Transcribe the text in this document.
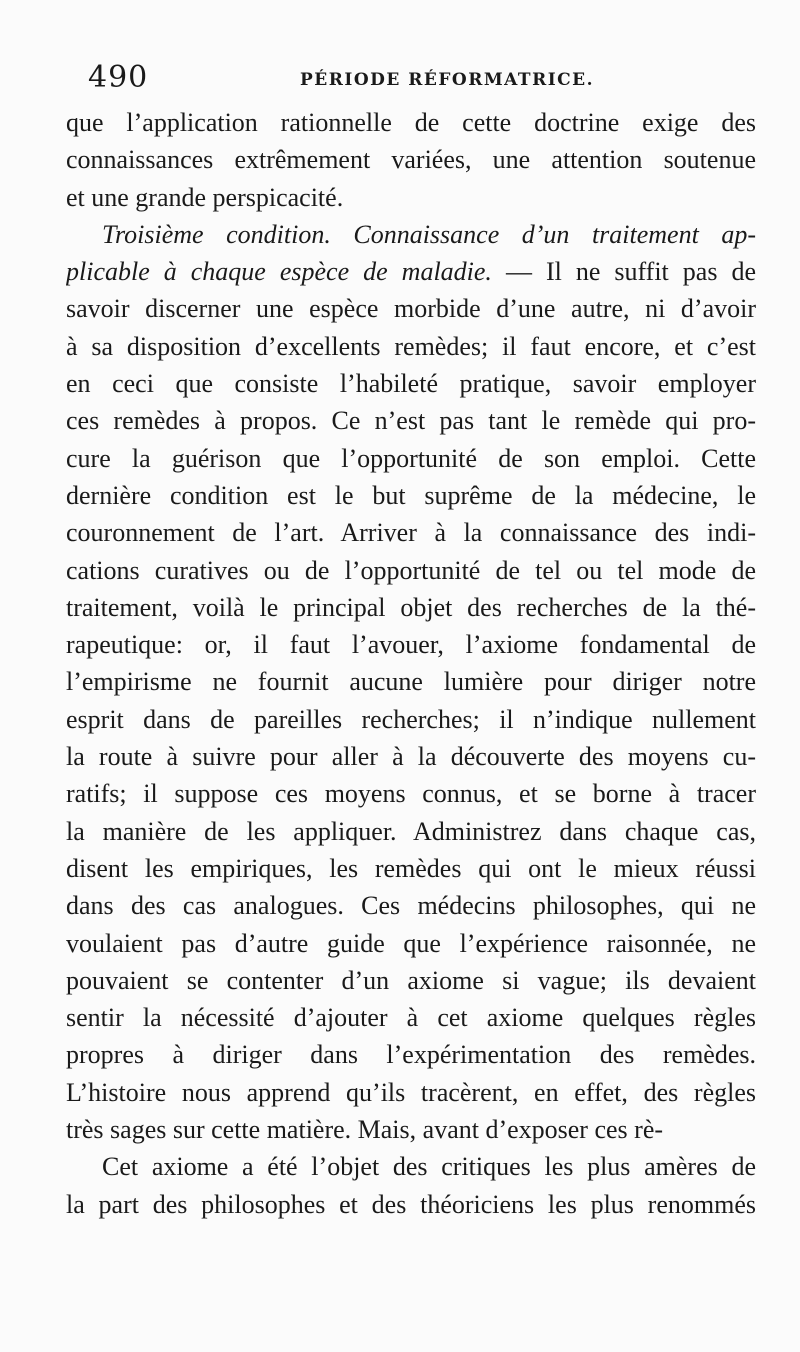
490	PÉRIODE RÉFORMATRICE.
que l’application rationnelle de cette doctrine exige des
connaissances extrêmement variées, une attention soutenue
et une grande perspicacité.
Troisième condition. Connaissance d’un traitement ap-
plicable à chaque espèce de maladie. — Il ne suffit pas de
savoir discerner une espèce morbide d’une autre, ni d’avoir
à sa disposition d’excellents remèdes; il faut encore, et c’est
en ceci que consiste l’habileté pratique, savoir employer
ces remèdes à propos. Ce n’est pas tant le remède qui pro-
cure la guérison que l’opportunité de son emploi. Cette
dernière condition est le but suprême de la médecine, le
couronnement de l’art. Arriver à la connaissance des indi-
cations curatives ou de l’opportunité de tel ou tel mode de
traitement, voilà le principal objet des recherches de la thé-
rapeutique: or, il faut l’avouer, l’axiome fondamental de
l’empirisme ne fournit aucune lumière pour diriger notre
esprit dans de pareilles recherches; il n’indique nullement
la route à suivre pour aller à la découverte des moyens cu-
ratifs; il suppose ces moyens connus, et se borne à tracer
la manière de les appliquer. Administrez dans chaque cas,
disent les empiriques, les remèdes qui ont le mieux réussi
dans des cas analogues. Ces médecins philosophes, qui ne
voulaient pas d’autre guide que l’expérience raisonnée, ne
pouvaient se contenter d’un axiome si vague; ils devaient
sentir la nécessité d’ajouter à cet axiome quelques règles
propres à diriger dans l’expérimentation des remèdes.
L’histoire nous apprend qu’ils tracèrent, en effet, des règles
très sages sur cette matière. Mais, avant d’exposer ces rè-
Cet axiome a été l’objet des critiques les plus amères de
la part des philosophes et des théoriciens les plus renommés
